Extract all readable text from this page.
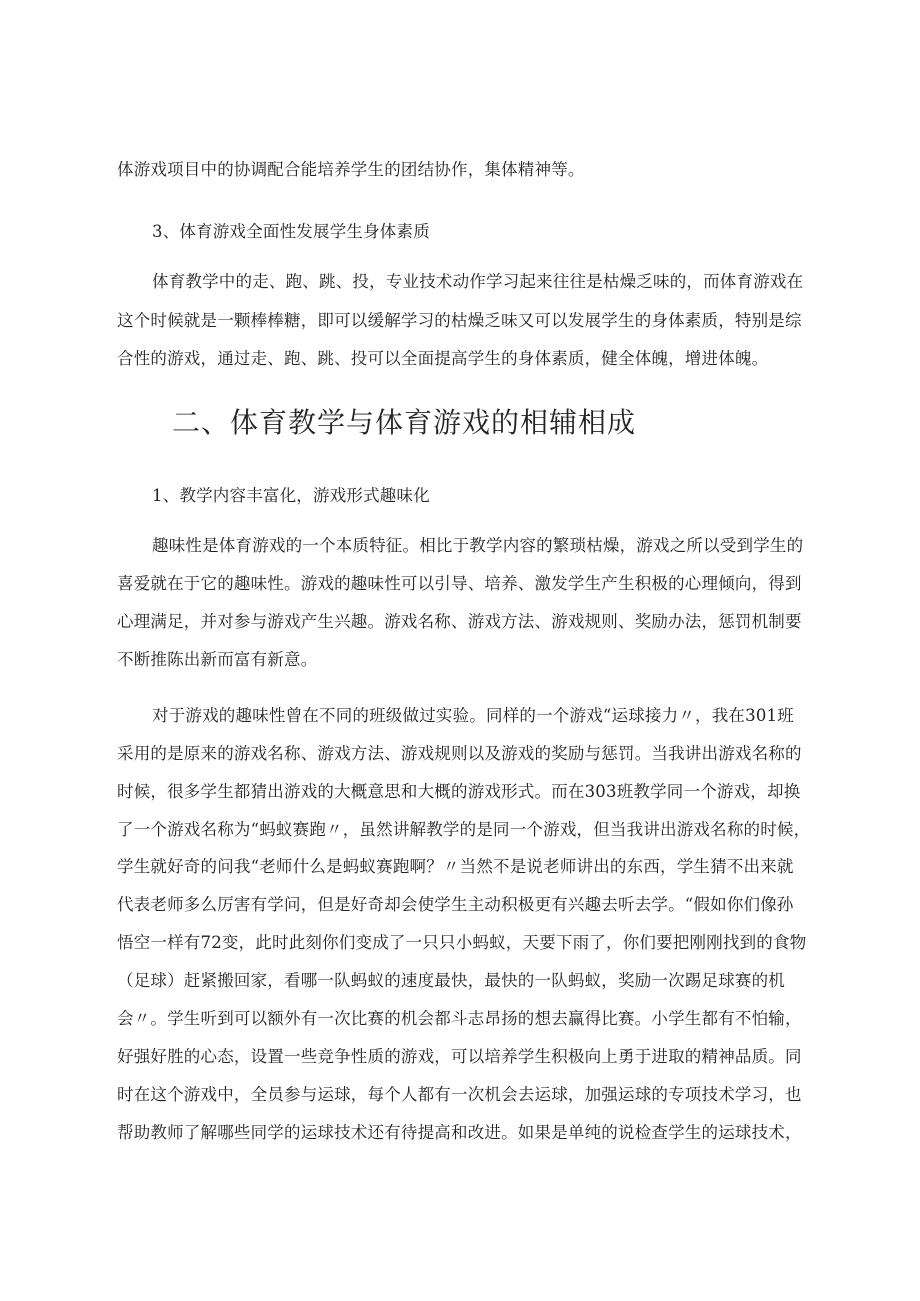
体游戏项目中的协调配合能培养学生的团结协作，集体精神等。
3、体育游戏全面性发展学生身体素质
体育教学中的走、跑、跳、投，专业技术动作学习起来往往是枯燥乏味的，而体育游戏在
这个时候就是一颗棒棒糖，即可以缓解学习的枯燥乏味又可以发展学生的身体素质，特别是综
合性的游戏，通过走、跑、跳、投可以全面提高学生的身体素质，健全体魄，增进体魄。
二、体育教学与体育游戏的相辅相成
1、教学内容丰富化，游戏形式趣味化
趣味性是体育游戏的一个本质特征。相比于教学内容的繁琐枯燥，游戏之所以受到学生的
喜爱就在于它的趣味性。游戏的趣味性可以引导、培养、激发学生产生积极的心理倾向，得到
心理满足，并对参与游戏产生兴趣。游戏名称、游戏方法、游戏规则、奖励办法，惩罚机制要
不断推陈出新而富有新意。
对于游戏的趣味性曾在不同的班级做过实验。同样的一个游戏“运球接力〃，我在301班
采用的是原来的游戏名称、游戏方法、游戏规则以及游戏的奖励与惩罚。当我讲出游戏名称的
时候，很多学生都猜出游戏的大概意思和大概的游戏形式。而在303班教学同一个游戏，却换
了一个游戏名称为“蚂蚁赛跑〃，虽然讲解教学的是同一个游戏，但当我讲出游戏名称的时候，
学生就好奇的问我“老师什么是蚂蚁赛跑啊？〃当然不是说老师讲出的东西，学生猜不出来就
代表老师多么厉害有学问，但是好奇却会使学生主动积极更有兴趣去听去学。“假如你们像孙
悟空一样有72变，此时此刻你们变成了一只只小蚂蚁，天要下雨了，你们要把刚刚找到的食物
（足球）赶紧搬回家，看哪一队蚂蚁的速度最快，最快的一队蚂蚁，奖励一次踢足球赛的机
会〃。学生听到可以额外有一次比赛的机会都斗志昂扬的想去赢得比赛。小学生都有不怕输，
好强好胜的心态，设置一些竞争性质的游戏，可以培养学生积极向上勇于进取的精神品质。同
时在这个游戏中，全员参与运球，每个人都有一次机会去运球，加强运球的专项技术学习，也
帮助教师了解哪些同学的运球技术还有待提高和改进。如果是单纯的说检查学生的运球技术，
